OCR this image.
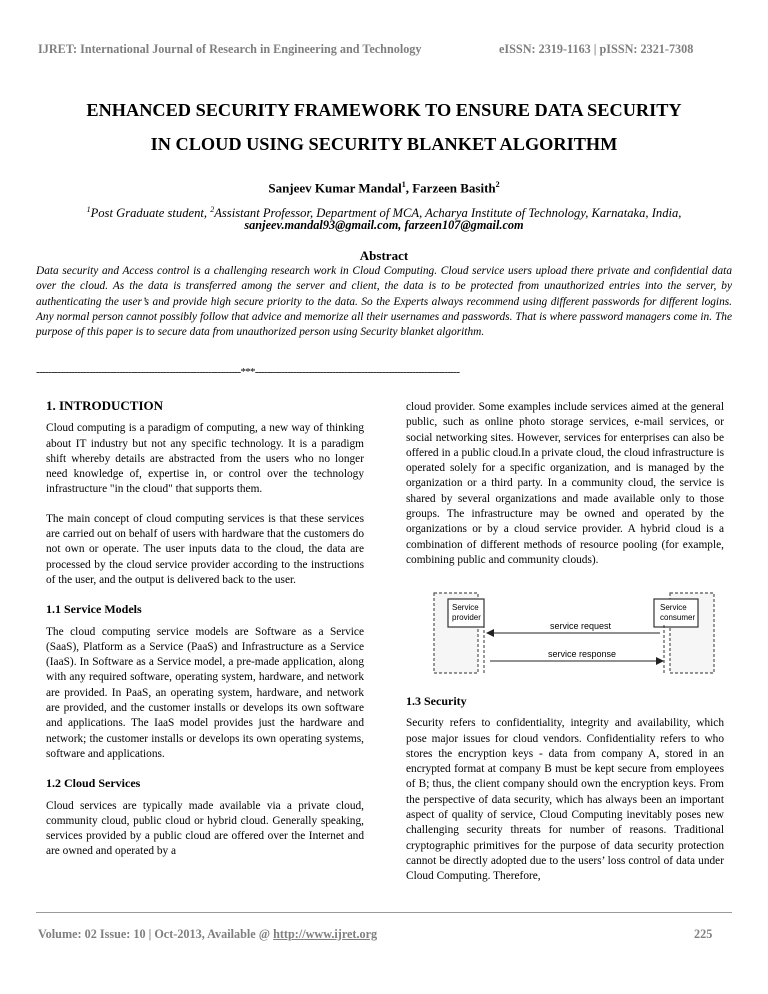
IJRET: International Journal of Research in Engineering and Technology	eISSN: 2319-1163 | pISSN: 2321-7308
ENHANCED SECURITY FRAMEWORK TO ENSURE DATA SECURITY
IN CLOUD USING SECURITY BLANKET ALGORITHM
Sanjeev Kumar Mandal$^1$, Farzeen Basith$^2$
$^1$Post Graduate student, $^2$Assistant Professor, Department of MCA, Acharya Institute of Technology, Karnataka, India,
sanjeev.mandal93@gmail.com, farzeen107@gmail.com
Abstract
Data security and Access control is a challenging research work in Cloud Computing. Cloud service users upload there private and confidential data over the cloud. As the data is transferred among the server and client, the data is to be protected from unauthorized entries into the server, by authenticating the user’s and provide high secure priority to the data. So the Experts always recommend using different passwords for different logins. Any normal person cannot possibly follow that advice and memorize all their usernames and passwords. That is where password managers come in. The purpose of this paper is to secure data from unauthorized person using Security blanket algorithm.
---------------------------------------------------------------------***---------------------------------------------------------------------
1. INTRODUCTION

Cloud computing is a paradigm of computing, a new way of thinking about IT industry but not any specific technology. It is a paradigm shift whereby details are abstracted from the users who no longer need knowledge of, expertise in, or control over the technology infrastructure "in the cloud" that supports them.

The main concept of cloud computing services is that these services are carried out on behalf of users with hardware that the customers do not own or operate. The user inputs data to the cloud, the data are processed by the cloud service provider according to the instructions of the user, and the output is delivered back to the user.

1.1 Service Models

The cloud computing service models are Software as a Service (SaaS), Platform as a Service (PaaS) and Infrastructure as a Service (IaaS). In Software as a Service model, a pre-made application, along with any required software, operating system, hardware, and network are provided. In PaaS, an operating system, hardware, and network are provided, and the customer installs or develops its own software and applications. The IaaS model provides just the hardware and network; the customer installs or develops its own operating systems, software and applications.

1.2 Cloud Services

Cloud services are typically made available via a private cloud, community cloud, public cloud or hybrid cloud. Generally speaking, services provided by a public cloud are offered over the Internet and are owned and operated by a

cloud provider. Some examples include services aimed at the general public, such as online photo storage services, e-mail services, or social networking sites. However, services for enterprises can also be offered in a public cloud.In a private cloud, the cloud infrastructure is operated solely for a specific organization, and is managed by the organization or a third party. In a community cloud, the service is shared by several organizations and made available only to those groups. The infrastructure may be owned and operated by the organizations or by a cloud service provider. A hybrid cloud is a combination of different methods of resource pooling (for example, combining public and community clouds).

Service
provider
Service
consumer
service request
service response
1.3 Security

Security refers to confidentiality, integrity and availability, which pose major issues for cloud vendors. Confidentiality refers to who stores the encryption keys - data from company A, stored in an encrypted format at company B must be kept secure from employees of B; thus, the client company should own the encryption keys. From the perspective of data security, which has always been an important aspect of quality of service, Cloud Computing inevitably poses new challenging security threats for number of reasons. Traditional cryptographic primitives for the purpose of data security protection cannot be directly adopted due to the users’ loss control of data under Cloud Computing. Therefore,

Volume: 02 Issue: 10 | Oct-2013, Available @ http://www.ijret.org	225
